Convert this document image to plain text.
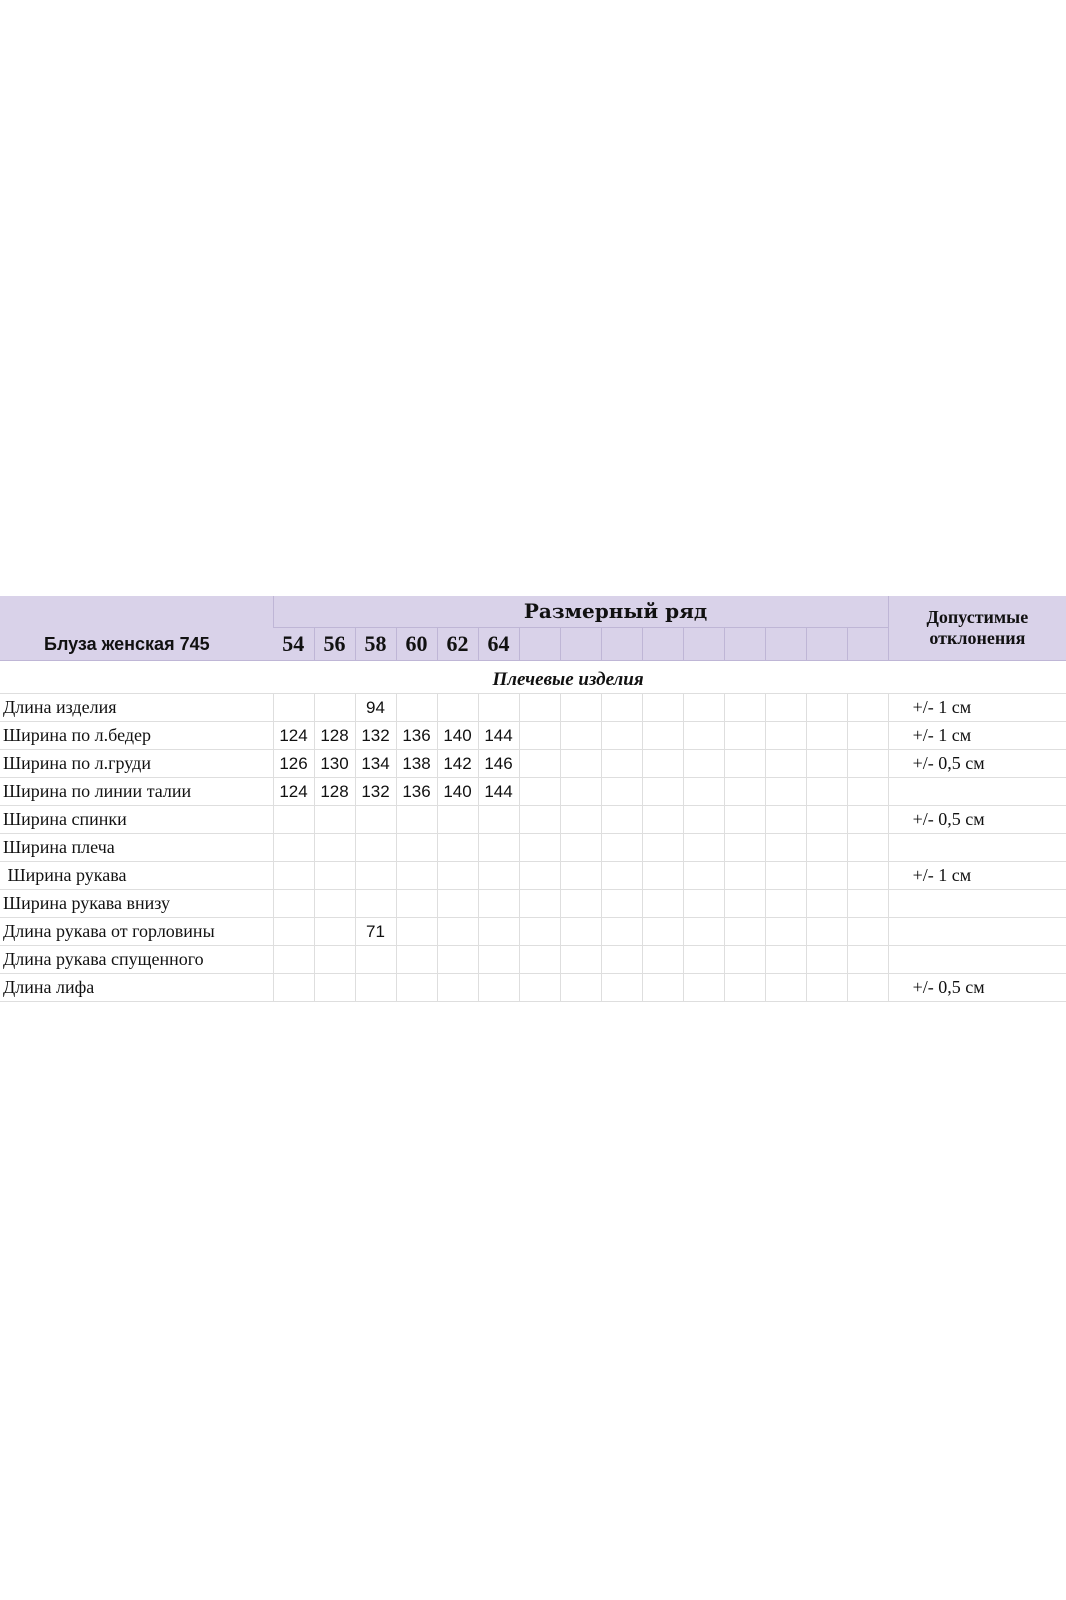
Блуза женская 745	Размерный ряд															Допустимые
отклонения
	54	56	58	60	62	64										

Плечевые изделия																
Длина изделия			94													+/- 1 см
Ширина по л.бедер	124	128	132	136	140	144										+/- 1 см
Ширина по л.груди	126	130	134	138	142	146										+/- 0,5 см
Ширина по линии талии	124	128	132	136	140	144										
Ширина спинки																+/- 0,5 см
Ширина плеча																
Ширина рукава																+/- 1 см
Ширина рукава внизу																
Длина рукава от горловины			71													
Длина рукава спущенного																
Длина лифа																+/- 0,5 см
